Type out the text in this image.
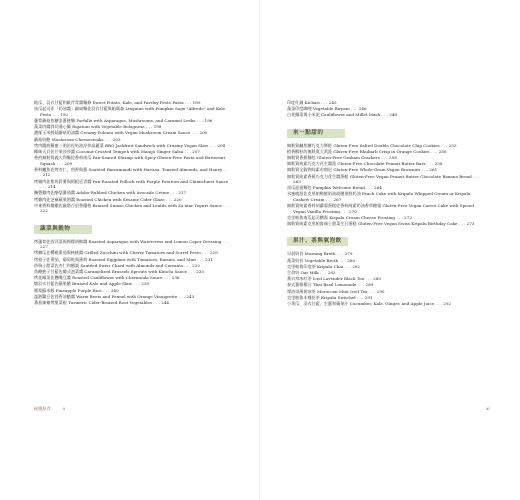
地瓜、羽衣甘藍和歐芹青醬麵條 Sweet Potato, Kale, and Parsley Pesto Pasta . . . 189
南瓜起司伴「奶油醬」細扁麵佐羽衣甘藍與帕瑪森 Linguine with Pumpkin Sage "Alfredo" and Kale Pesto . . . 192
蘆筍蘑菇焦糖韭蔥捲麵 Farfalle with Asparagus, Mushrooms, and Caramel Leeks . . . 196
蔬菜肉醬斜切通心麵 Rigatoni with Vegetable Bolognese . . . 198
濃郁玉米鮮菇蘑菇奶油醬 Creamy Polenta with Vegan Mushroom Cream Sauce . . . 200
蘑菇奶酪 Mushroom Cheesesteaks . . . 203
烤肉醬波羅蜜三明治佐奶油涼拌高麗菜 BBQ Jackfruit Sandwich with Creamy Vegan Slaw . . . 204
椰絲天貝佐芒果莎莎醬 Coconut-Crusted Tempeh with Mango Ginger Salsa . . . 207
香煎無麩質義大利麵佐香料南瓜 Pan-Seared Shrimp with Spicy Gluten-Free Pasta and Butternut Squash . . . 209
香料鱸魚佐烤杏仁、茴香與蔥 Sautéed Barramundi with Harissa, Toasted Almonds, and Honey . . . 212
烤豬肉佐紫馬鈴薯與阿根廷青醬 Pan-Roasted Pollock with Purple Potatoes and Chimichurri Sauce . . . 214
醃製雞肉佐酪梨蕃茄醬 Adobo-Rubbed Chicken with Avocado Crème . . . 217
烤雞肉佐芝麻蘋果酒醬 Roasted Chicken with Sesame Cider Glaze . . . 220
中東香料燉雞佐薩塔百里香優格 Braised Sumac Chicken and Lentils with Za'atar Yogurt Sauce . . . 222
蔬菜與穀物
烤蘆筍佐西洋菜與檸檬胡椒醬 Roasted Asparagus with Watercress and Lemon Caper Dressing . . . 227
烤櫛瓜佐櫻桃番茄與核桃醬 Grilled Zucchini with Cherry Tomatoes and Sorrel Pesto . . . 229
烤茄子佐番茄、葡萄乾與薄荷 Roasted Eggplant with Tomatoes, Raisins, and Mint . . . 231
炒瑞士甜菜佐杏仁和醋栗 Sautéed Swiss Chard with Almonds and Currants . . . 232
焦糖抱子甘藍佐韓式泡菜醬 Caramelized Brussels Sprouts with Kimchi Sauce . . . 235
烤花椰菜佐鷹嘴豆醬 Roasted Cauliflower with Chermoula Sauce . . . 236
燉羽衣甘藍佐蘋果醋 Braised Kale and Apple Slaw . . . 239
鳳梨蘇米飯 Pineapple Purple Rice . . . 240
溫熱蠶豆佐茴香油醋醬 Warm Beets and Fennel with Orange Vinaigrette . . . 243
番茄辣椒烤甜菜根 Turmeric Cider-Braised Root Vegetables . . . 244
極簡原食	x
印度什錦 Kichari . . . 245
蔬菜印度咖哩 Vegetable Biryani . . . 246
白花椰菜與小米泥 Cauliflower and Millet Mash . . . 248
來一點甜的
無麩質鹹焦糖巧克力餅乾 Gluten-Free Salted Double Chocolate Chip Cookies . . . 253
橙香酥粒的無麩質大黃派 Gluten-Free Rhubarb Crisp in Orange Cookies . . . 256
無麩質香蕉麵包 Gluten-Free Graham Crackers . . . 258
無麩質純素巧克力花生醬派 Gluten-Free Chocolate Peanut Butter Bars . . . 258
無麩質全穀物純素布朗尼 Gluten-Free Whole-Grain Vegan Brownies . . . 261
無麩質純素香蕉巧克力花生醬蛋糕 Gluten-Free Vegan Peanut Butter Chocolate Banana Bread . . . 263
南瓜迎賓麵包 Pumpkin Welcome Bread . . . 264
水蜜桃派佐克里帕勒鮮奶油或腰果鮮奶油 Peach Cake with Kripalu Whipped Cream or Kripalu Cashew Cream . . . 267
無麩質純素香料胡蘿蔔蛋糕佐香料純素奶油香草糖霜 Gluten-Free Vegan Carrot Cake with Spiced Vegan Vanilla Frosting . . . 270
克里帕魯南瓜起司糖霜 Kripalu Cream Cheese Frosting . . . 272
無麩質純素克里帕魯瑞士甜菜生日蛋糕 Gluten-Free Vegan Swiss Kripalu Birthday Cake . . . 273
果汁、茶與氣泡飲
早晨奶昔 Morning Broth . . . 279
蔬菜奶昔 Vegetable Broth . . . 280
克里帕魯印度茶 Kripalu Chai . . . 282
生命奶 Oat Milk . . . 283
薰衣草冰紅茶 Iced Lavender Black Tea . . . 285
泰式薑檸檬汁 Thai Basil Lemonade . . . 289
摩洛哥薄荷冰茶 Moroccan Mint Iced Tea . . . 290
克里帕魯木槿花茶 Kripalu Switchel . . . 291
小黃瓜、羽衣甘藍、生薑和蘋果汁 Cucumber, Kale, Ginger, and Apple Juice . . . 292
xi
